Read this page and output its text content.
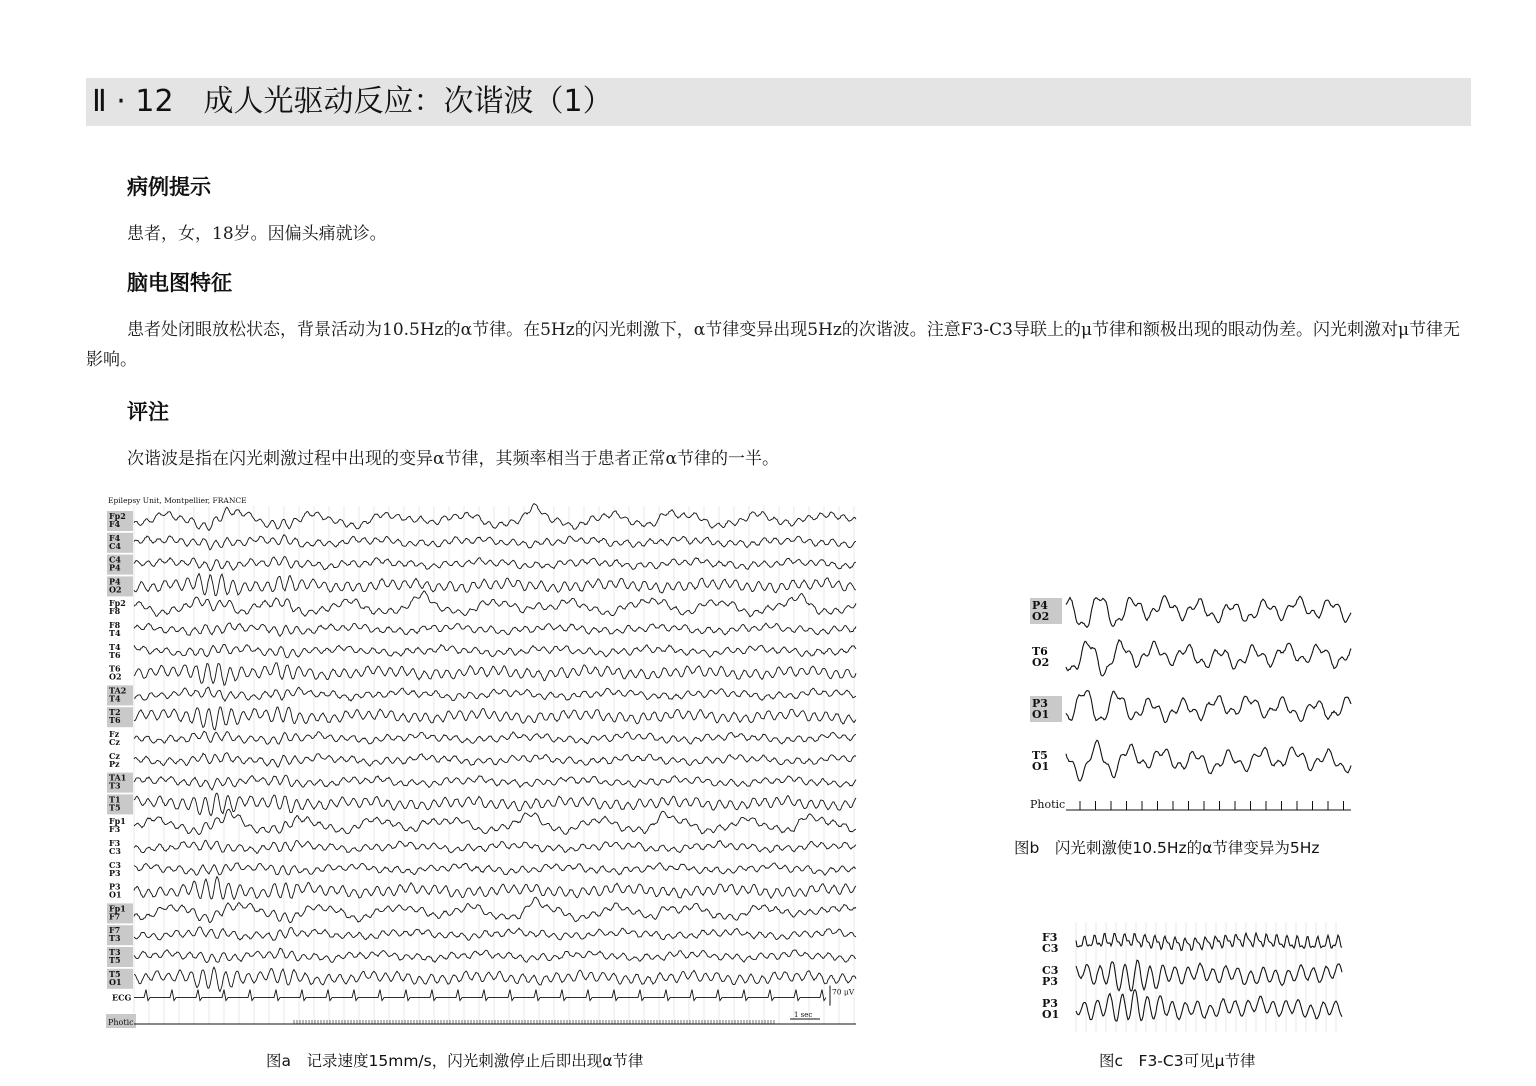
Ⅱ · 12　成人光驱动反应：次谐波（1）
病例提示
患者，女，18岁。因偏头痛就诊。
脑电图特征
患者处闭眼放松状态，背景活动为10.5Hz的α节律。在5Hz的闪光刺激下，α节律变异出现5Hz的次谐波。注意F3-C3导联上的μ节律和额极出现的眼动伪差。闪光刺激对μ节律无影响。
评注
次谐波是指在闪光刺激过程中出现的变异α节律，其频率相当于患者正常α节律的一半。
Epilepsy Unit, Montpellier, FRANCE
Fp2
F4
F4
C4
C4
P4
P4
O2
Fp2
F8
F8
T4
T4
T6
T6
O2
TA2
T4
T2
T6
Fz
Cz
Cz
Pz
TA1
T3
T1
T5
Fp1
F3
F3
C3
C3
P3
P3
O1
Fp1
F7
F7
T3
T3
T5
T5
O1
ECG
70 μV
Photic
1 sec
图a　记录速度15mm/s，闪光刺激停止后即出现α节律
P4
O2
T6
O2
P3
O1
T5
O1
Photic
图b　闪光刺激使10.5Hz的α节律变异为5Hz
F3
C3
C3
P3
P3
O1
图c　F3-C3可见μ节律
